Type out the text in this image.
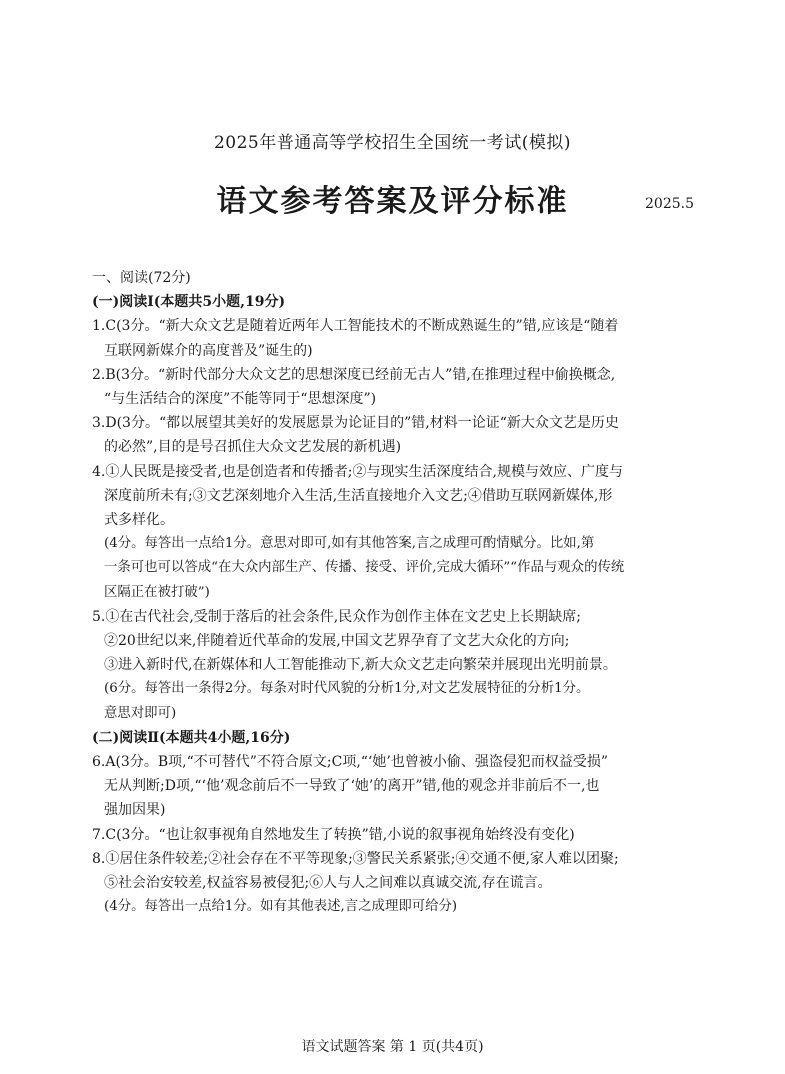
2025年普通高等学校招生全国统一考试(模拟)
语文参考答案及评分标准	2025.5
一、阅读(72分)
(一)阅读Ⅰ(本题共5小题,19分)
1.C(3分。“新大众文艺是随着近两年人工智能技术的不断成熟诞生的”错,应该是“随着
互联网新媒介的高度普及”诞生的)
2.B(3分。“新时代部分大众文艺的思想深度已经前无古人”错,在推理过程中偷换概念,
“与生活结合的深度”不能等同于“思想深度”)
3.D(3分。“都以展望其美好的发展愿景为论证目的”错,材料一论证“新大众文艺是历史
的必然”,目的是号召抓住大众文艺发展的新机遇)
4.①人民既是接受者,也是创造者和传播者;②与现实生活深度结合,规模与效应、广度与
深度前所未有;③文艺深刻地介入生活,生活直接地介入文艺;④借助互联网新媒体,形
式多样化。
(4分。每答出一点给1分。意思对即可,如有其他答案,言之成理可酌情赋分。比如,第
一条可也可以答成“在大众内部生产、传播、接受、评价,完成大循环”“作品与观众的传统
区隔正在被打破”)
5.①在古代社会,受制于落后的社会条件,民众作为创作主体在文艺史上长期缺席;
②20世纪以来,伴随着近代革命的发展,中国文艺界孕育了文艺大众化的方向;
③进入新时代,在新媒体和人工智能推动下,新大众文艺走向繁荣并展现出光明前景。
(6分。每答出一条得2分。每条对时代风貌的分析1分,对文艺发展特征的分析1分。
意思对即可)
(二)阅读Ⅱ(本题共4小题,16分)
6.A(3分。B项,“不可替代”不符合原文;C项,“‘她’也曾被小偷、强盗侵犯而权益受损”
无从判断;D项,“‘他’观念前后不一导致了‘她’的离开”错,他的观念并非前后不一,也
强加因果)
7.C(3分。“也让叙事视角自然地发生了转换”错,小说的叙事视角始终没有变化)
8.①居住条件较差;②社会存在不平等现象;③警民关系紧张;④交通不便,家人难以团聚;
⑤社会治安较差,权益容易被侵犯;⑥人与人之间难以真诚交流,存在谎言。
(4分。每答出一点给1分。如有其他表述,言之成理即可给分)
语文试题答案 第 1 页(共4页)
